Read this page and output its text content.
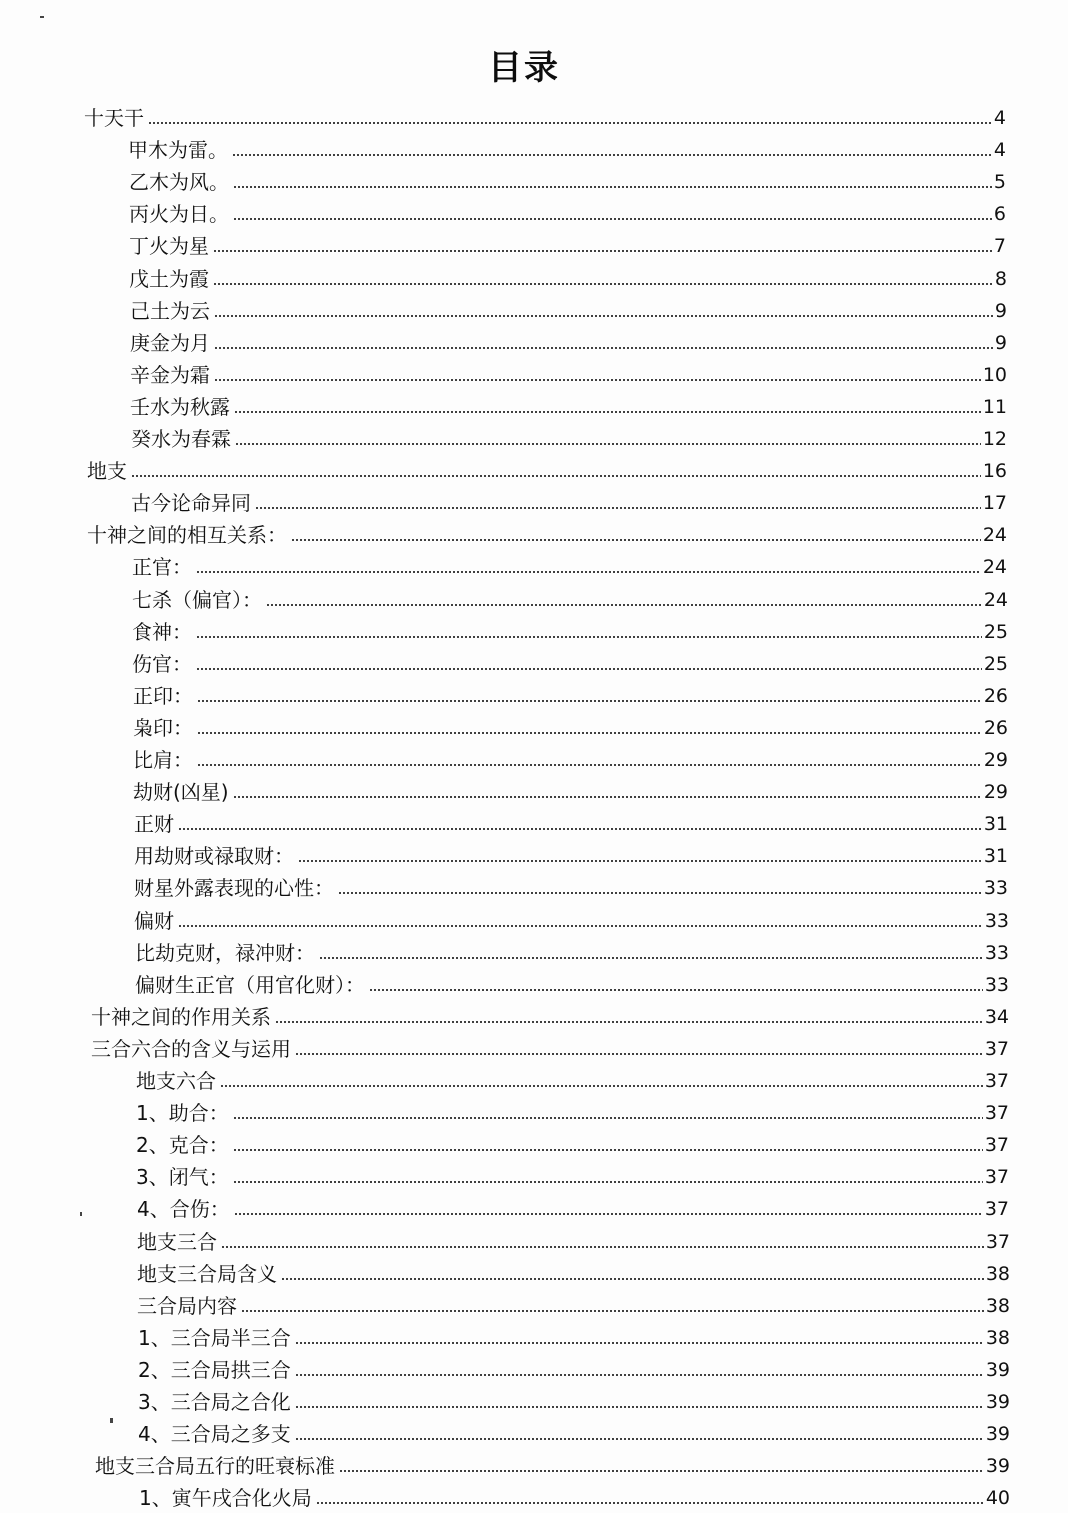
目录
十天干	4
甲木为雷。	4
乙木为风。	5
丙火为日。	6
丁火为星	7
戊土为霞	8
己土为云	9
庚金为月	9
辛金为霜	10
壬水为秋露	11
癸水为春霖	12
地支	16
古今论命异同	17
十神之间的相互关系：	24
正官：	24
七杀（偏官）：	24
食神：	25
伤官：	25
正印：	26
枭印：	26
比肩：	29
劫财(凶星)	29
正财	31
用劫财或禄取财：	31
财星外露表现的心性：	33
偏财	33
比劫克财，禄冲财：	33
偏财生正官（用官化财）：	33
十神之间的作用关系	34
三合六合的含义与运用	37
地支六合	37
1、助合：	37
2、克合：	37
3、闭气：	37
4、合伤：	37
地支三合	37
地支三合局含义	38
三合局内容	38
1、三合局半三合	38
2、三合局拱三合	39
3、三合局之合化	39
4、三合局之多支	39
地支三合局五行的旺衰标准	39
1、寅午戌合化火局	40
